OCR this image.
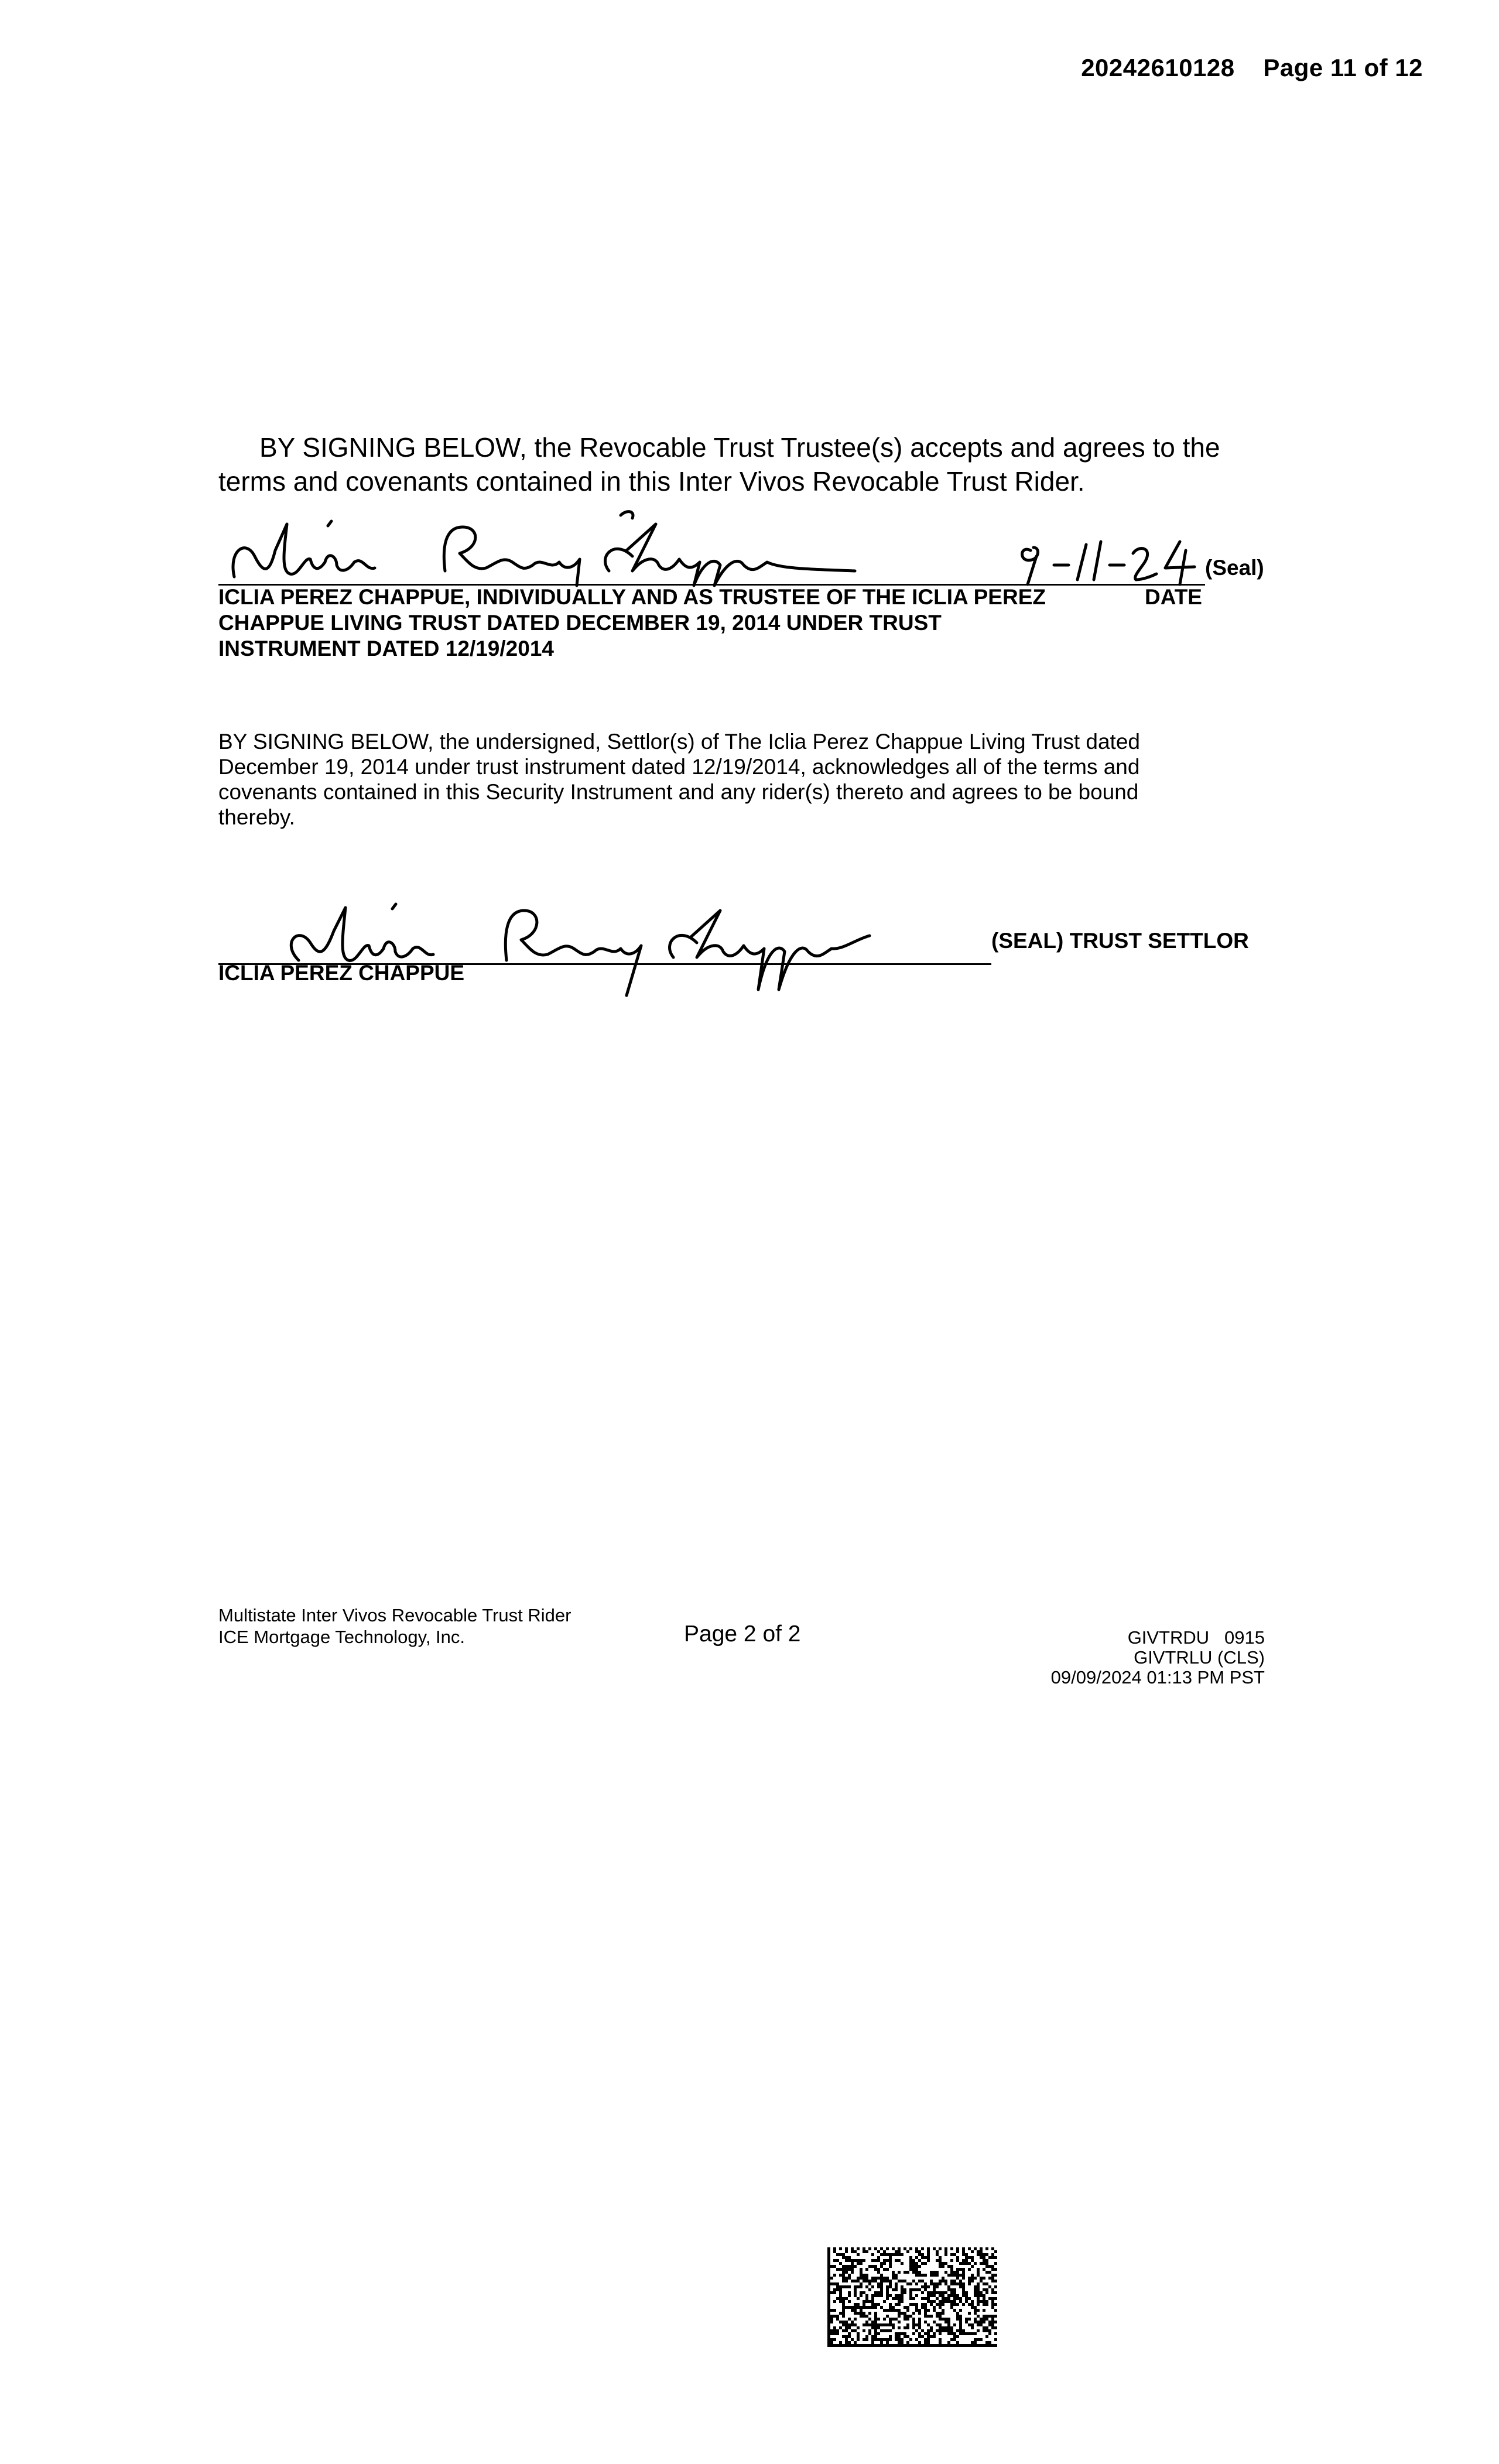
20242610128 Page 11 of 12

BY SIGNING BELOW, the Revocable Trust Trustee(s) accepts and agrees to the
terms and covenants contained in this Inter Vivos Revocable Trust Rider.
(Seal)
ICLIA PEREZ CHAPPUE, INDIVIDUALLY AND AS TRUSTEE OF THE ICLIA PEREZ
CHAPPUE LIVING TRUST DATED DECEMBER 19, 2014 UNDER TRUST
INSTRUMENT DATED 12/19/2014
DATE
BY SIGNING BELOW, the undersigned, Settlor(s) of The Iclia Perez Chappue Living Trust dated
December 19, 2014 under trust instrument dated 12/19/2014, acknowledges all of the terms and
covenants contained in this Security Instrument and any rider(s) thereto and agrees to be bound
thereby.
(SEAL) TRUST SETTLOR
ICLIA PEREZ CHAPPUE
Multistate Inter Vivos Revocable Trust Rider
ICE Mortgage Technology, Inc.	Page 2 of 2	GIVTRDU   0915
GIVTRLU (CLS)
09/09/2024 01:13 PM PST
